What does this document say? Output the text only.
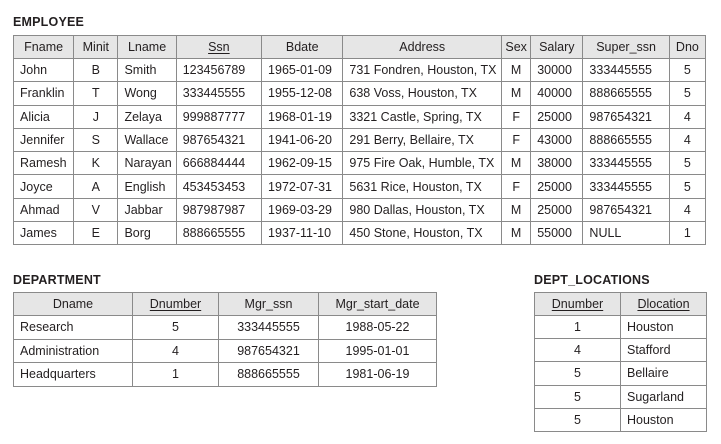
EMPLOYEE
Fname	Minit	Lname	Ssn	Bdate	Address	Sex	Salary	Super_ssn	Dno
John	B	Smith	123456789	1965-01-09	731 Fondren, Houston, TX	M	30000	333445555	5
Franklin	T	Wong	333445555	1955-12-08	638 Voss, Houston, TX	M	40000	888665555	5
Alicia	J	Zelaya	999887777	1968-01-19	3321 Castle, Spring, TX	F	25000	987654321	4
Jennifer	S	Wallace	987654321	1941-06-20	291 Berry, Bellaire, TX	F	43000	888665555	4
Ramesh	K	Narayan	666884444	1962-09-15	975 Fire Oak, Humble, TX	M	38000	333445555	5
Joyce	A	English	453453453	1972-07-31	5631 Rice, Houston, TX	F	25000	333445555	5
Ahmad	V	Jabbar	987987987	1969-03-29	980 Dallas, Houston, TX	M	25000	987654321	4
James	E	Borg	888665555	1937-11-10	450 Stone, Houston, TX	M	55000	NULL	1
DEPARTMENT
Dname	Dnumber	Mgr_ssn	Mgr_start_date
Research	5	333445555	1988-05-22
Administration	4	987654321	1995-01-01
Headquarters	1	888665555	1981-06-19
DEPT_LOCATIONS
Dnumber	Dlocation
1	Houston
4	Stafford
5	Bellaire
5	Sugarland
5	Houston
